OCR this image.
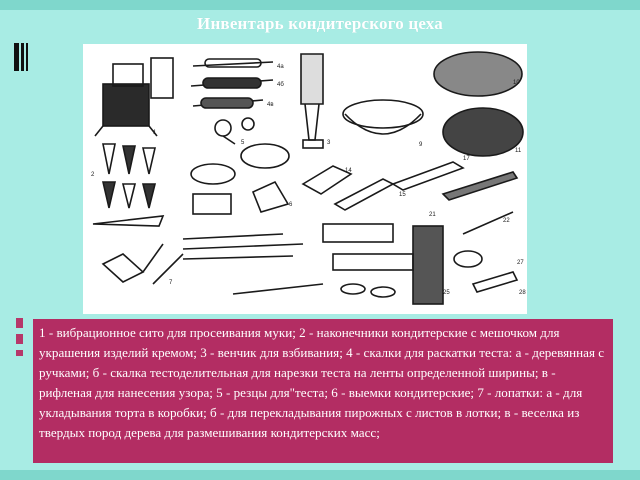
Инвентарь кондитерского цеха
1
2
3
4а
4б
4в
5
6
7
9
10
11
14
15
17
21
22
25
27
28
1 - вибрационное сито для просеивания муки; 2 - наконечники кондитерские с мешочком для украшения изделий кремом; 3 - венчик для взбивания; 4 - скалки для раскатки теста: а - деревянная с ручками; б - скалка тестоделительная для нарезки теста на ленты определенной ширины; в - рифленая для нанесения узора; 5 - резцы для"теста; 6 - выемки кондитерские; 7 - лопатки: а - для укладывания торта в коробки; б - для перекладывания пирожных с листов в лотки; в - веселка из твердых пород дерева для размешивания кондитерских масс;
